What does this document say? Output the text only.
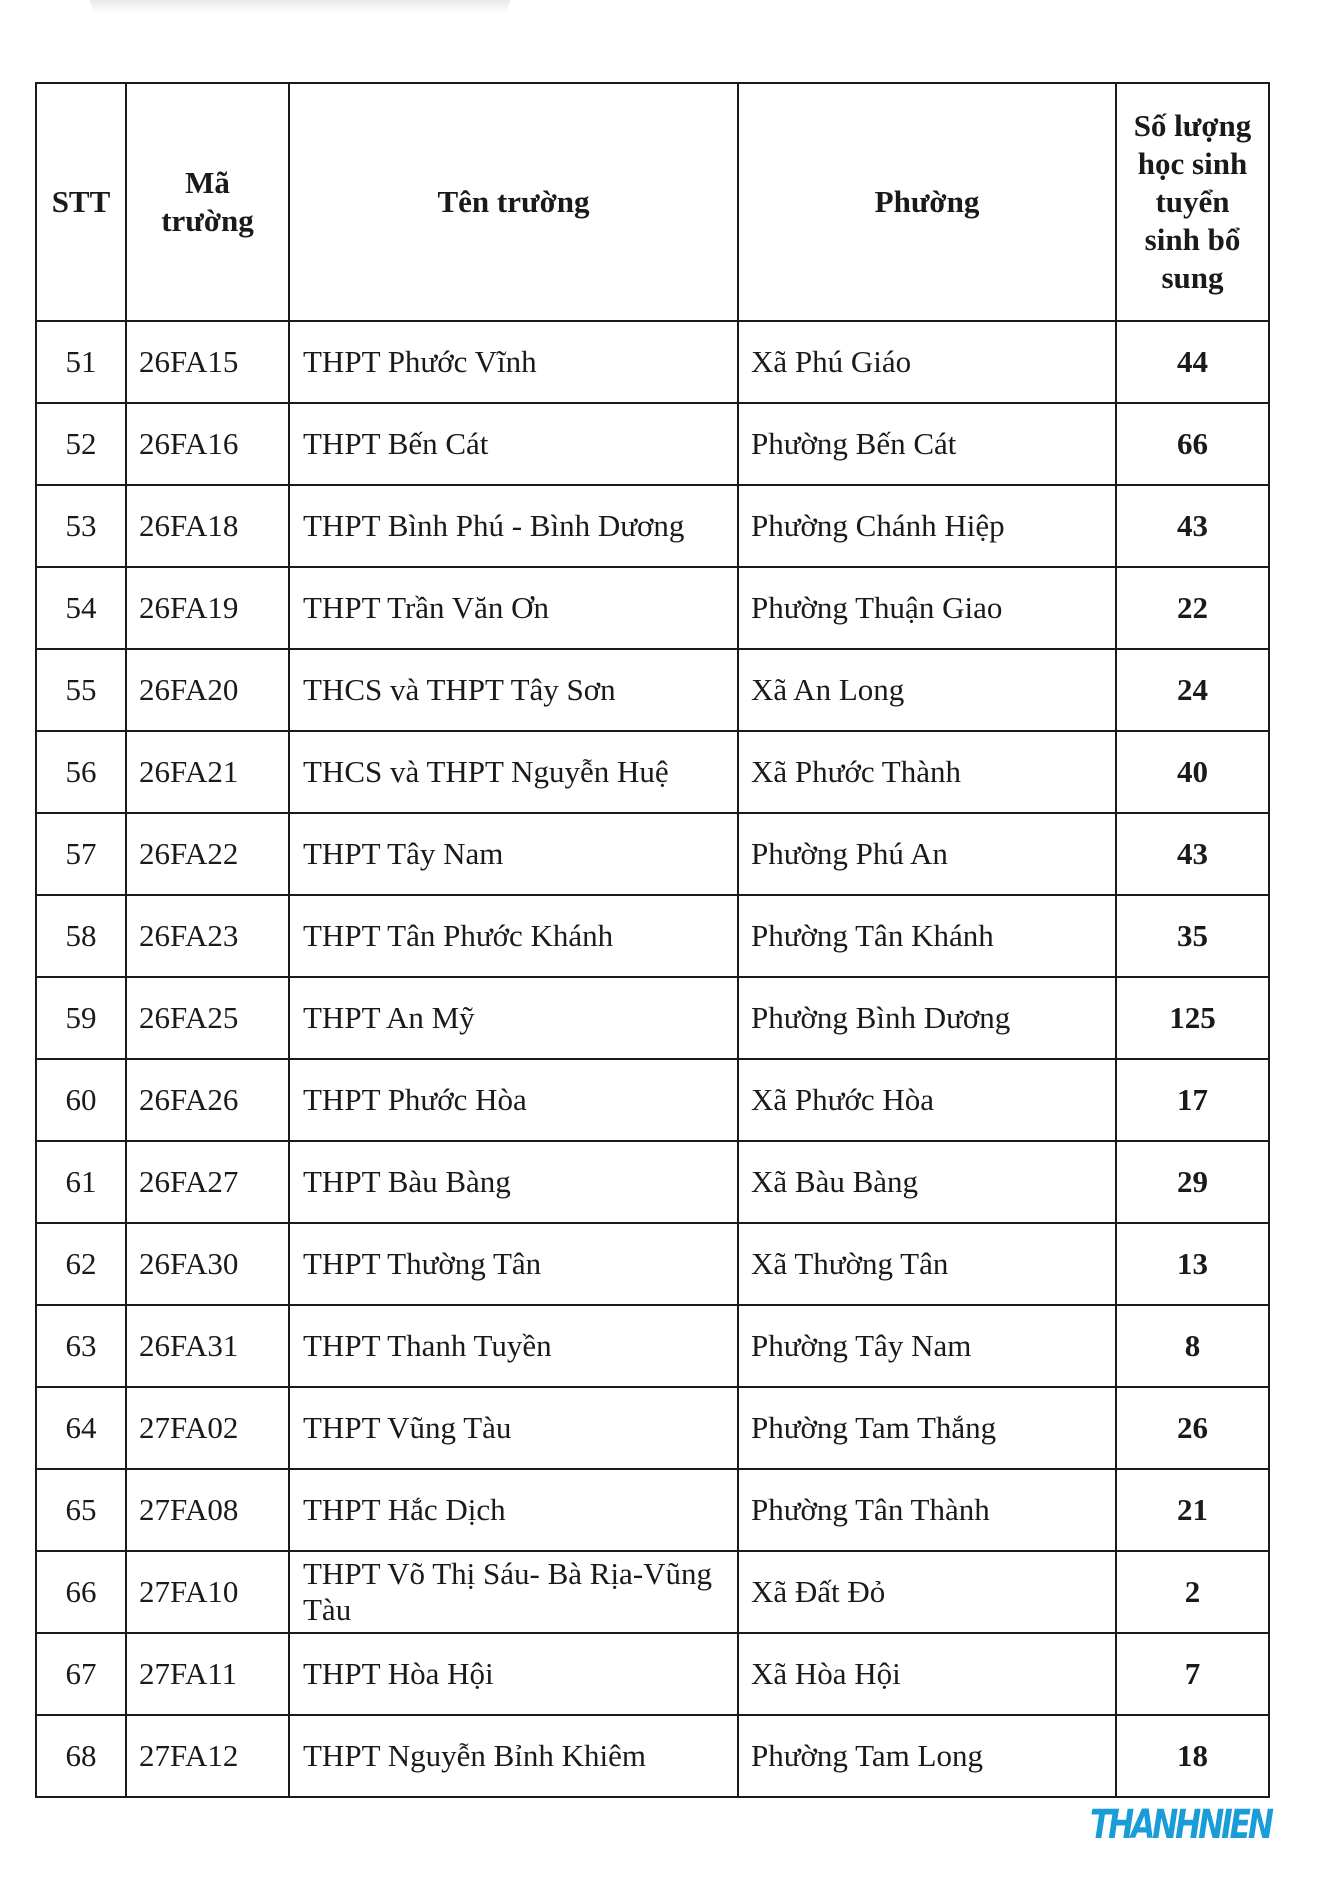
STT	Mã trường	Tên trường	Phường	Số lượng học sinh tuyển sinh bổ sung
51	26FA15	THPT Phước Vĩnh	Xã Phú Giáo	44
52	26FA16	THPT Bến Cát	Phường Bến Cát	66
53	26FA18	THPT Bình Phú - Bình Dương	Phường Chánh Hiệp	43
54	26FA19	THPT Trần Văn Ơn	Phường Thuận Giao	22
55	26FA20	THCS và THPT Tây Sơn	Xã An Long	24
56	26FA21	THCS và THPT Nguyễn Huệ	Xã Phước Thành	40
57	26FA22	THPT Tây Nam	Phường Phú An	43
58	26FA23	THPT Tân Phước Khánh	Phường Tân Khánh	35
59	26FA25	THPT An Mỹ	Phường Bình Dương	125
60	26FA26	THPT Phước Hòa	Xã Phước Hòa	17
61	26FA27	THPT Bàu Bàng	Xã Bàu Bàng	29
62	26FA30	THPT Thường Tân	Xã Thường Tân	13
63	26FA31	THPT Thanh Tuyền	Phường Tây Nam	8
64	27FA02	THPT Vũng Tàu	Phường Tam Thắng	26
65	27FA08	THPT Hắc Dịch	Phường Tân Thành	21
66	27FA10	THPT Võ Thị Sáu- Bà Rịa-Vũng Tàu	Xã Đất Đỏ	2
67	27FA11	THPT Hòa Hội	Xã Hòa Hội	7
68	27FA12	THPT Nguyễn Bỉnh Khiêm	Phường Tam Long	18
THANHNIEN
